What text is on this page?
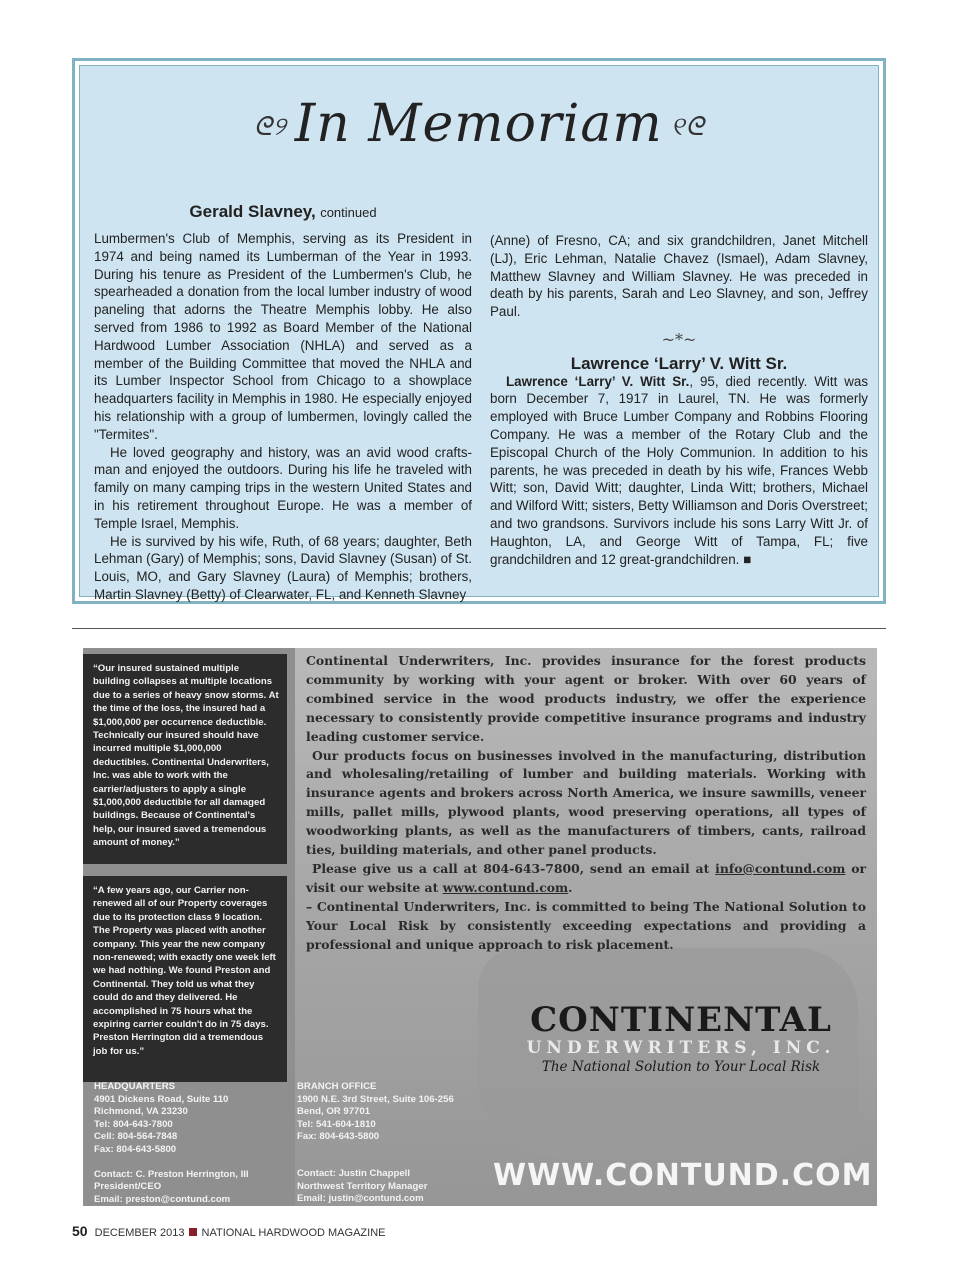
ᘓ୨ In Memoriam ୧ᘓ
Gerald Slavney, continued

Lumbermen's Club of Memphis, serving as its President in 1974 and being named its Lumberman of the Year in 1993. During his tenure as President of the Lumbermen's Club, he spearheaded a donation from the local lumber industry of wood paneling that adorns the Theatre Memphis lobby. He also served from 1986 to 1992 as Board Member of the National Hardwood Lumber Association (NHLA) and served as a member of the Building Committee that moved the NHLA and its Lumber Inspector School from Chicago to a showplace headquarters facility in Memphis in 1980. He especially enjoyed his relationship with a group of lumbermen, lovingly called the "Termites".

He loved geography and history, was an avid wood crafts-man and enjoyed the outdoors. During his life he traveled with family on many camping trips in the western United States and in his retirement throughout Europe. He was a member of Temple Israel, Memphis.

He is survived by his wife, Ruth, of 68 years; daughter, Beth Lehman (Gary) of Memphis; sons, David Slavney (Susan) of St. Louis, MO, and Gary Slavney (Laura) of Memphis; brothers, Martin Slavney (Betty) of Clearwater, FL, and Kenneth Slavney

(Anne) of Fresno, CA; and six grandchildren, Janet Mitchell (LJ), Eric Lehman, Natalie Chavez (Ismael), Adam Slavney, Matthew Slavney and William Slavney. He was preceded in death by his parents, Sarah and Leo Slavney, and son, Jeffrey Paul.

~*~

Lawrence ‘Larry’ V. Witt Sr.

Lawrence ‘Larry’ V. Witt Sr., 95, died recently. Witt was born December 7, 1917 in Laurel, TN. He was formerly employed with Bruce Lumber Company and Robbins Flooring Company. He was a member of the Rotary Club and the Episcopal Church of the Holy Communion. In addition to his parents, he was preceded in death by his wife, Frances Webb Witt; son, David Witt; daughter, Linda Witt; brothers, Michael and Wilford Witt; sisters, Betty Williamson and Doris Overstreet; and two grandsons. Survivors include his sons Larry Witt Jr. of Haughton, LA, and George Witt of Tampa, FL; five grandchildren and 12 great-grandchildren. ■

“Our insured sustained multiple building collapses at multiple locations due to a series of heavy snow storms. At the time of the loss, the insured had a $1,000,000 per occurrence deductible. Technically our insured should have incurred multiple $1,000,000 deductibles. Continental Underwriters, Inc. was able to work with the carrier/adjusters to apply a single $1,000,000 deductible for all damaged buildings. Because of Continental's help, our insured saved a tremendous amount of money.”
“A few years ago, our Carrier non-renewed all of our Property coverages due to its protection class 9 location. The Property was placed with another company. This year the new company non-renewed; with exactly one week left we had nothing. We found Preston and Continental. They told us what they could do and they delivered. He accomplished in 75 hours what the expiring carrier couldn't do in 75 days. Preston Herrington did a tremendous job for us.”

Continental Underwriters, Inc. provides insurance for the forest products community by working with your agent or broker. With over 60 years of combined service in the wood products industry, we offer the experience necessary to consistently provide competitive insurance programs and industry leading customer service.

Our products focus on businesses involved in the manufacturing, distribution and wholesaling/retailing of lumber and building materials. Working with insurance agents and brokers across North America, we insure sawmills, veneer mills, pallet mills, plywood plants, wood preserving operations, all types of woodworking plants, as well as the manufacturers of timbers, cants, railroad ties, building materials, and other panel products.

Please give us a call at 804-643-7800, send an email at info@contund.com or visit our website at www.contund.com.

– Continental Underwriters, Inc. is committed to being The National Solution to Your Local Risk by consistently exceeding expectations and providing a professional and unique approach to risk placement.

CONTINENTAL
UNDERWRITERS, INC.
The National Solution to Your Local Risk
HEADQUARTERS
4901 Dickens Road, Suite 110
Richmond, VA 23230
Tel: 804-643-7800
Cell: 804-564-7848
Fax: 804-643-5800
Contact: C. Preston Herrington, III
President/CEO
Email: preston@contund.com
BRANCH OFFICE
1900 N.E. 3rd Street, Suite 106-256
Bend, OR 97701
Tel: 541-604-1810
Fax: 804-643-5800
Contact: Justin Chappell
Northwest Territory Manager
Email: justin@contund.com
WWW.CONTUND.COM
50 DECEMBER 2013 NATIONAL HARDWOOD MAGAZINE
